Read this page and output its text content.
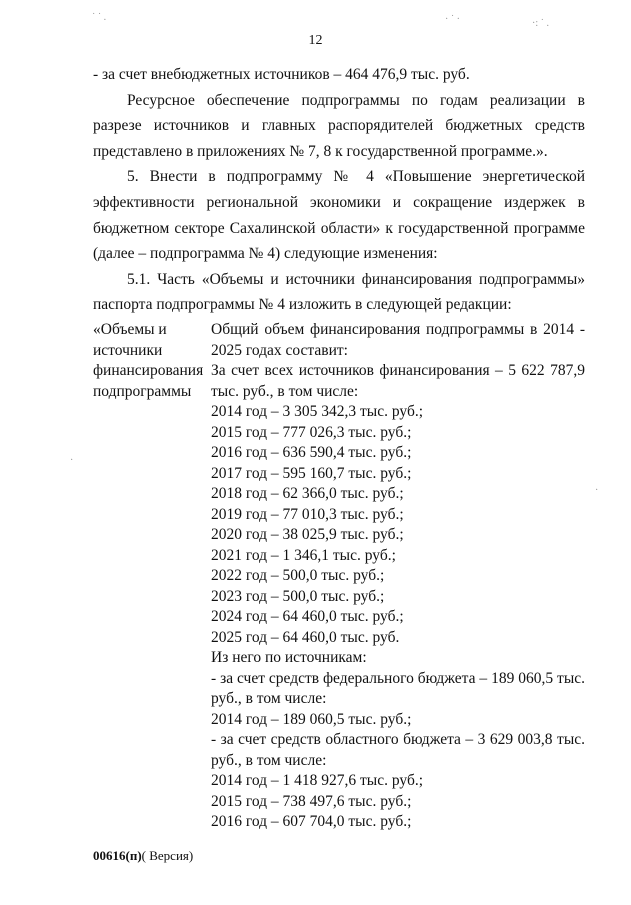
12

- за счет внебюджетных источников – 464 476,9 тыс. руб.

Ресурсное обеспечение подпрограммы по годам реализации в разрезе источников и главных распорядителей бюджетных средств представлено в приложениях № 7, 8 к государственной программе.».

5. Внести в подпрограмму № 4 «Повышение энергетической эффективности региональной экономики и сокращение издержек в бюджетном секторе Сахалинской области» к государственной программе (далее – подпрограмма № 4) следующие изменения:

5.1. Часть «Объемы и источники финансирования подпрограммы» паспорта подпрограммы № 4 изложить в следующей редакции:

«Объемы и источники финансирования подпрограммы
Общий объем финансирования подпрограммы в 2014 - 2025 годах составит:
За счет всех источников финансирования – 5 622 787,9 тыс. руб., в том числе:
2014 год – 3 305 342,3 тыс. руб.;
2015 год – 777 026,3 тыс. руб.;
2016 год – 636 590,4 тыс. руб.;
2017 год – 595 160,7 тыс. руб.;
2018 год – 62 366,0 тыс. руб.;
2019 год – 77 010,3 тыс. руб.;
2020 год – 38 025,9 тыс. руб.;
2021 год – 1 346,1 тыс. руб.;
2022 год – 500,0 тыс. руб.;
2023 год – 500,0 тыс. руб.;
2024 год – 64 460,0 тыс. руб.;
2025 год – 64 460,0 тыс. руб.
Из него по источникам:
- за счет средств федерального бюджета – 189 060,5 тыс. руб., в том числе:
2014 год – 189 060,5 тыс. руб.;
- за счет средств областного бюджета – 3 629 003,8 тыс. руб., в том числе:
2014 год – 1 418 927,6 тыс. руб.;
2015 год – 738 497,6 тыс. руб.;
2016 год – 607 704,0 тыс. руб.;
00616(п)( Версия)
˙ ˙ .	· ˙ ·	·: ˙ .
·
·
